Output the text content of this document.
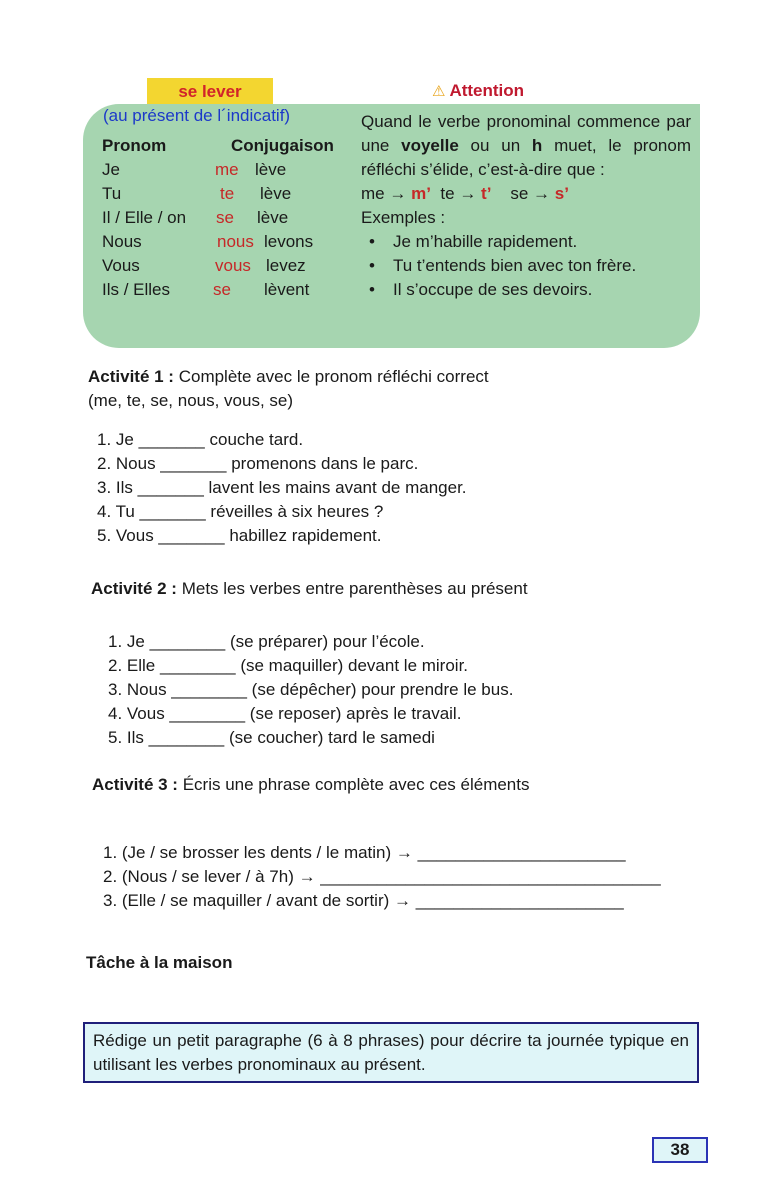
se lever	⚠ Attention
(au présent de l´indicatif)
Pronom	Conjugaison
Je	me lève
Tu	te lève
Il / Elle / on se lève
Nous	nous levons
Vous	vous levez
Ils / Elles	se lèvent
Quand le verbe pronominal commence par une voyelle ou un h muet, le pronom réfléchi s’élide, c’est-à-dire que :
me → m’ te → t’ se → s’
Exemples :
• Je m’habille rapidement.
• Tu t’entends bien avec ton frère.
• Il s’occupe de ses devoirs.
Activité 1 : Complète avec le pronom réfléchi correct
(me, te, se, nous, vous, se)
1. Je _______ couche tard.
2. Nous _______ promenons dans le parc.
3. Ils _______ lavent les mains avant de manger.
4. Tu _______ réveilles à six heures ?
5. Vous _______ habillez rapidement.
Activité 2 : Mets les verbes entre parenthèses au présent
1. Je ________ (se préparer) pour l’école.
2. Elle ________ (se maquiller) devant le miroir.
3. Nous ________ (se dépêcher) pour prendre le bus.
4. Vous ________ (se reposer) après le travail.
5. Ils ________ (se coucher) tard le samedi
Activité 3 : Écris une phrase complète avec ces éléments
1. (Je / se brosser les dents / le matin) → ______________________
2. (Nous / se lever / à 7h) → ____________________________________
3. (Elle / se maquiller / avant de sortir) → ______________________
Tâche à la maison
Rédige un petit paragraphe (6 à 8 phrases) pour décrire ta journée typique en utilisant les verbes pronominaux au présent.
38
